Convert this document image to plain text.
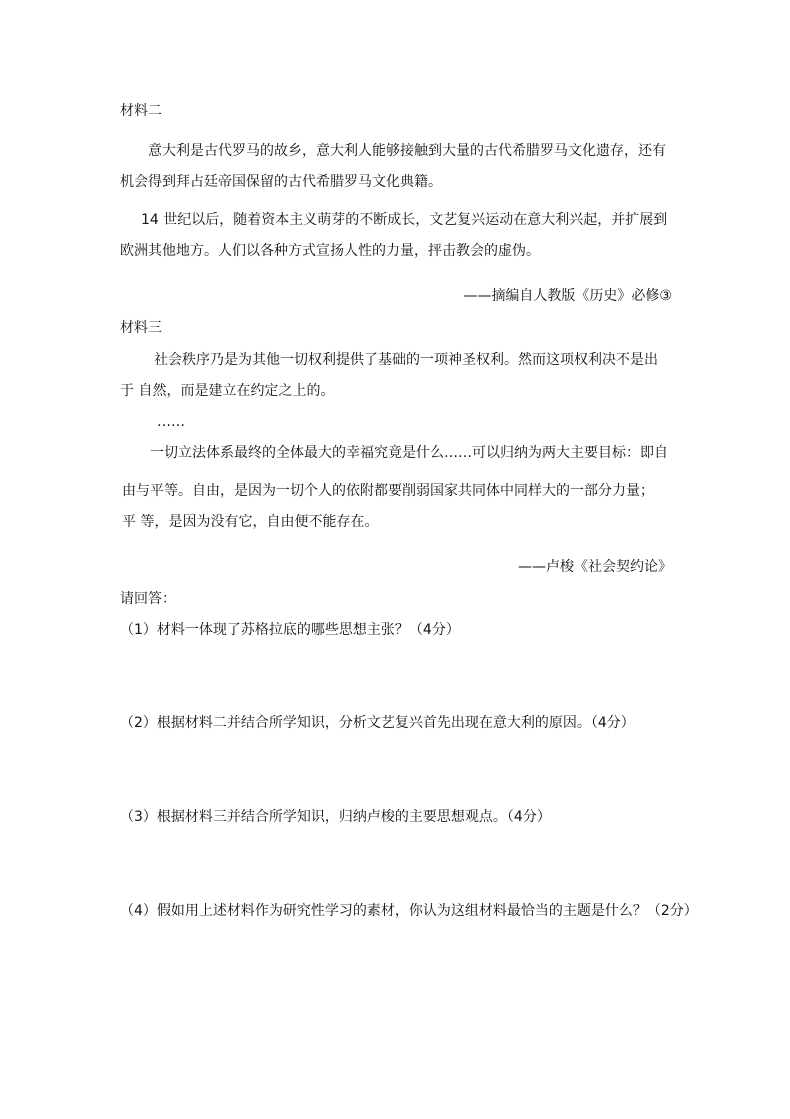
材料二
意大利是古代罗马的故乡，意大利人能够接触到大量的古代希腊罗马文化遗存，还有
机会得到拜占廷帝国保留的古代希腊罗马文化典籍。
14 世纪以后，随着资本主义萌芽的不断成长，文艺复兴运动在意大利兴起，并扩展到
欧洲其他地方。人们以各种方式宣扬人性的力量，抨击教会的虚伪。
——摘编自人教版《历史》必修③
材料三
社会秩序乃是为其他一切权利提供了基础的一项神圣权利。然而这项权利决不是出
于 自然，而是建立在约定之上的。
……
一切立法体系最终的全体最大的幸福究竟是什么……可以归纳为两大主要目标：即自
由与平等。自由，是因为一切个人的依附都要削弱国家共同体中同样大的一部分力量；
平 等，是因为没有它，自由便不能存在。
——卢梭《社会契约论》
请回答：
（1）材料一体现了苏格拉底的哪些思想主张？（4分）
（2）根据材料二并结合所学知识，分析文艺复兴首先出现在意大利的原因。（4分）
（3）根据材料三并结合所学知识，归纳卢梭的主要思想观点。（4分）
（4）假如用上述材料作为研究性学习的素材，你认为这组材料最恰当的主题是什么？（2分）
